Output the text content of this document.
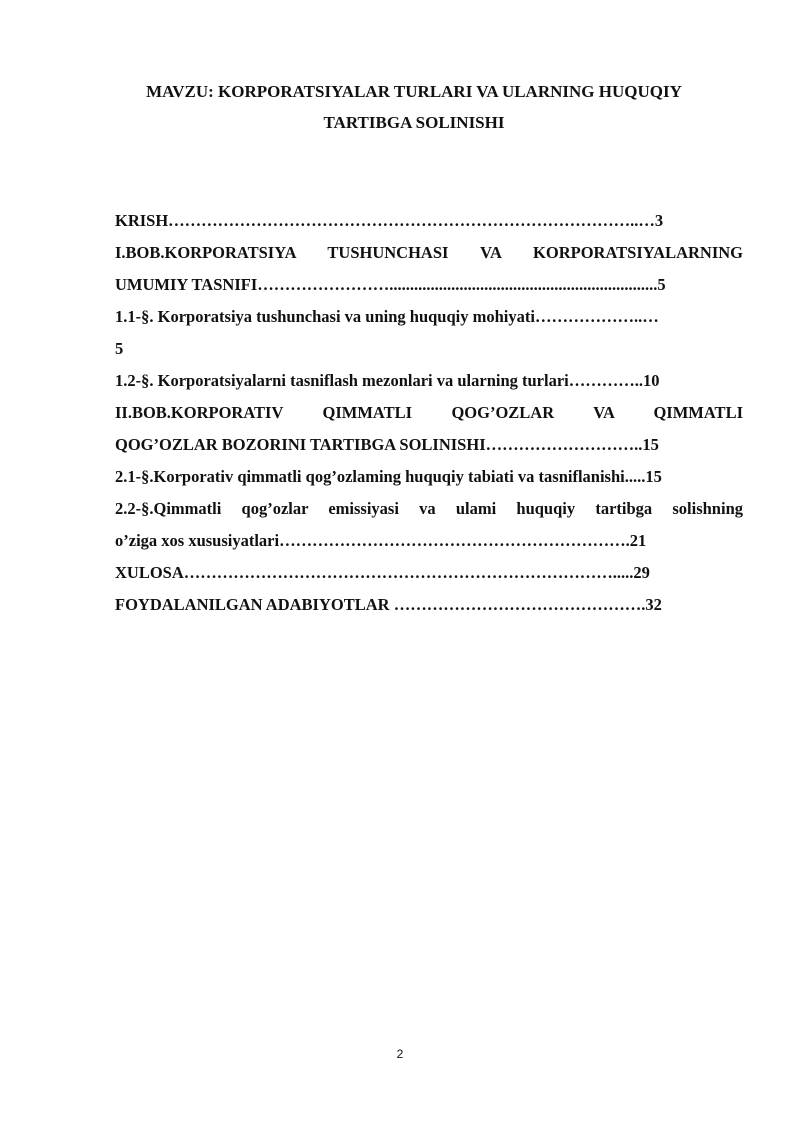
MAVZU: KORPORATSIYALAR TURLARI VA ULARNING HUQUQIY
TARTIBGA SOLINISHI
KRISH…………………………………………………………………………..…3
I.BOB.KORPORATSIYA TUSHUNCHASI VA KORPORATSIYALARNING
UMUMIY TASNIFI…………………….................................................................5
1.1-§. Korporatsiya tushunchasi va uning huquqiy mohiyati………………..…
5
1.2-§. Korporatsiyalarni tasniflash mezonlari va ularning turlari…………..10
II.BOB.KORPORATIV QIMMATLI QOG’OZLAR VA QIMMATLI
QOG’OZLAR BOZORINI TARTIBGA SOLINISHI………………………..15
2.1-§.Korporativ qimmatli qog’ozlaming huquqiy tabiati va tasniflanishi.....15
2.2-§.Qimmatli qog’ozlar emissiyasi va ulami huquqiy tartibga solishning
o’ziga xos xususiyatlari……………………………………………………….21
XULOSA…………………………………………………………………….....29
FOYDALANILGAN ADABIYOTLAR ……………………………………….32
2
